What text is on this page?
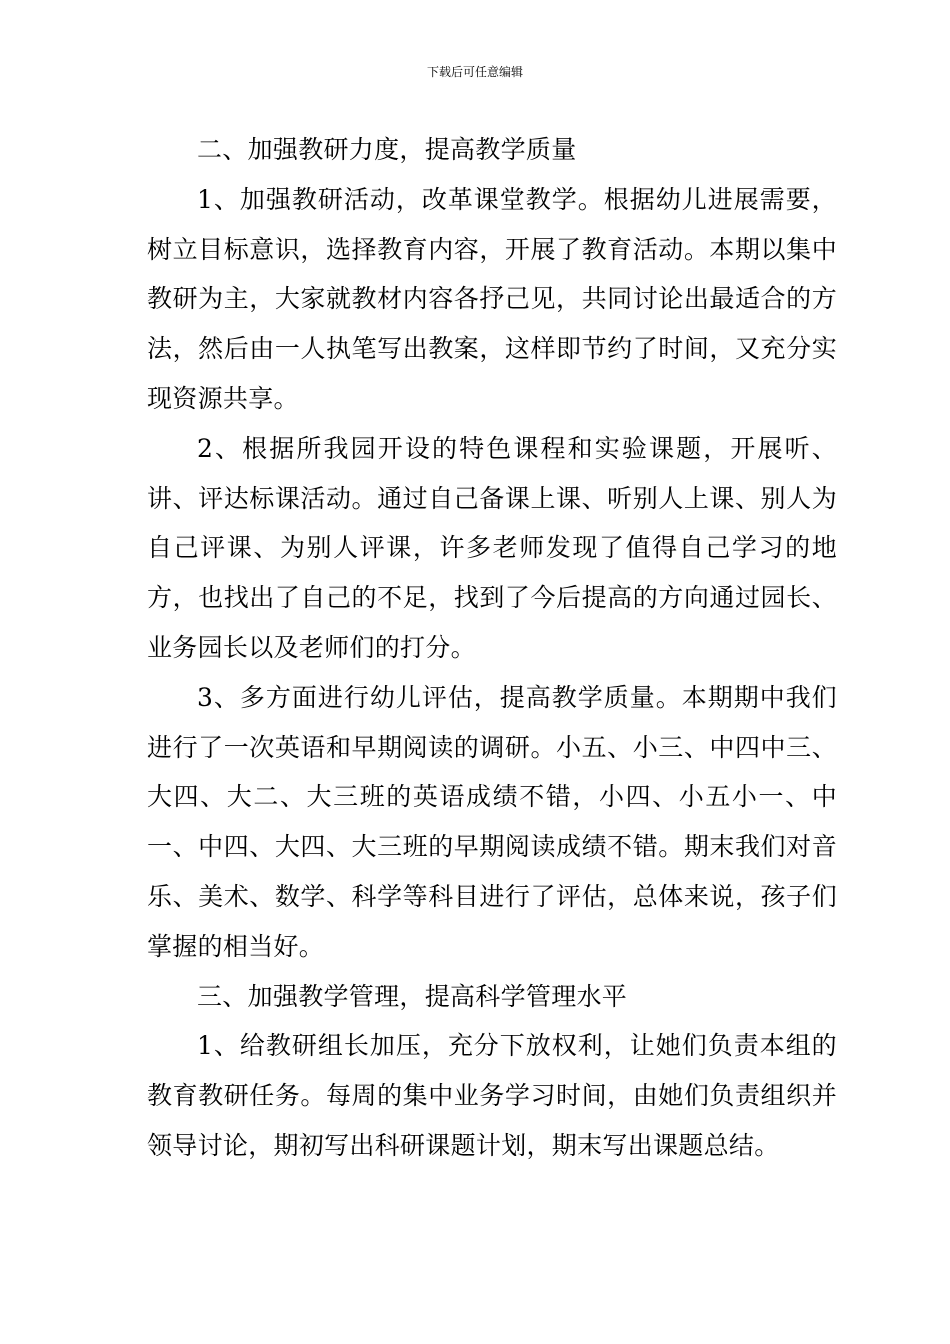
下载后可任意编辑

二、加强教研力度，提高教学质量

1、加强教研活动，改革课堂教学。根据幼儿进展需要，树立目标意识，选择教育内容，开展了教育活动。本期以集中教研为主，大家就教材内容各抒己见，共同讨论出最适合的方法，然后由一人执笔写出教案，这样即节约了时间，又充分实现资源共享。

2、根据所我园开设的特色课程和实验课题，开展听、讲、评达标课活动。通过自己备课上课、听别人上课、别人为自己评课、为别人评课，许多老师发现了值得自己学习的地方，也找出了自己的不足，找到了今后提高的方向通过园长、业务园长以及老师们的打分。

3、多方面进行幼儿评估，提高教学质量。本期期中我们进行了一次英语和早期阅读的调研。小五、小三、中四中三、大四、大二、大三班的英语成绩不错，小四、小五小一、中一、中四、大四、大三班的早期阅读成绩不错。期末我们对音乐、美术、数学、科学等科目进行了评估，总体来说，孩子们掌握的相当好。

三、加强教学管理，提高科学管理水平

1、给教研组长加压，充分下放权利，让她们负责本组的教育教研任务。每周的集中业务学习时间，由她们负责组织并领导讨论，期初写出科研课题计划，期末写出课题总结。
